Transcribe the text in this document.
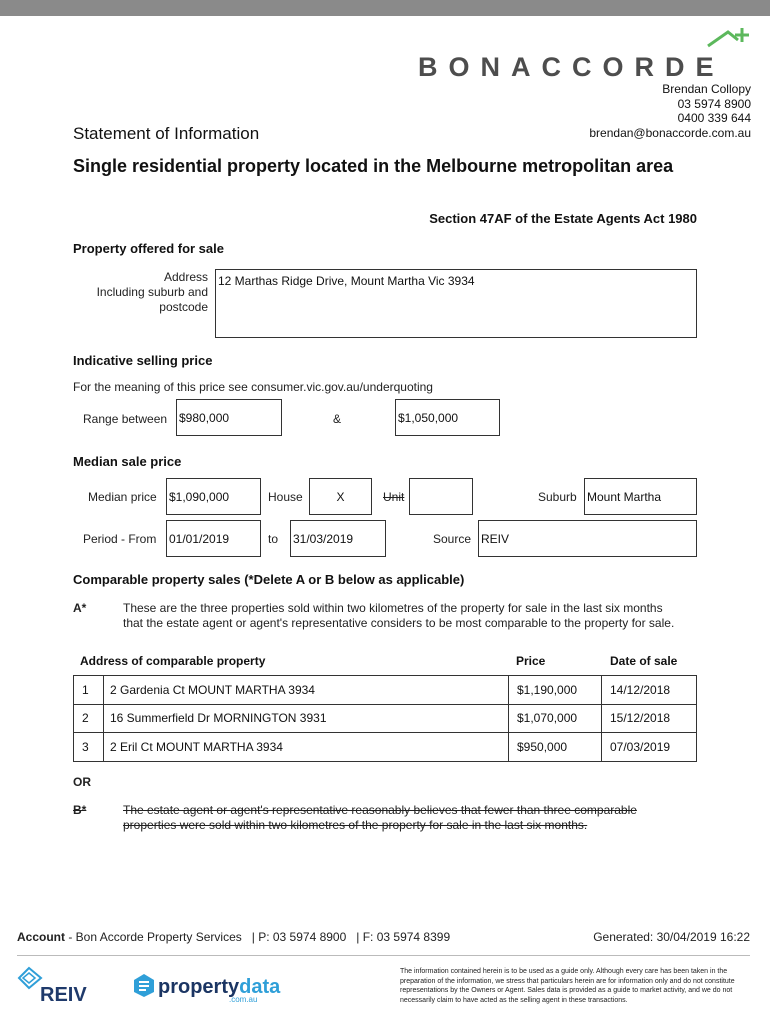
BONACCORDE
Brendan Collopy
03 5974 8900
0400 339 644
brendan@bonaccorde.com.au
Statement of Information
Single residential property located in the Melbourne metropolitan area
Section 47AF of the Estate Agents Act 1980
Property offered for sale
Address
Including suburb and
postcode
12 Marthas Ridge Drive, Mount Martha Vic 3934
Indicative selling price
For the meaning of this price see consumer.vic.gov.au/underquoting
Range between $980,000	&	$1,050,000
Median sale price
Median price $1,090,000	House	X	Unit	Suburb Mount Martha
Period - From 01/01/2019	to 31/03/2019	Source REIV
Comparable property sales (*Delete A or B below as applicable)
A*	These are the three properties sold within two kilometres of the property for sale in the last six months that the estate agent or agent's representative considers to be most comparable to the property for sale.
Address of comparable property	Price	Date of sale
1	2 Gardenia Ct MOUNT MARTHA 3934	$1,190,000	14/12/2018
2	16 Summerfield Dr MORNINGTON 3931	$1,070,000	15/12/2018
3	2 Eril Ct MOUNT MARTHA 3934	$950,000	07/03/2019
OR
B*	The estate agent or agent's representative reasonably believes that fewer than three comparable properties were sold within two kilometres of the property for sale in the last six months.
Account - Bon Accorde Property Services   | P: 03 5974 8900   | F: 03 5974 8399	Generated: 30/04/2019 16:22
REIV	propertydata
.com.au
The information contained herein is to be used as a guide only. Although every care has been taken in the preparation of the information, we stress that particulars herein are for information only and do not constitute representations by the Owners or Agent. Sales data is provided as a guide to market activity, and we do not necessarily claim to have acted as the selling agent in these transactions.
